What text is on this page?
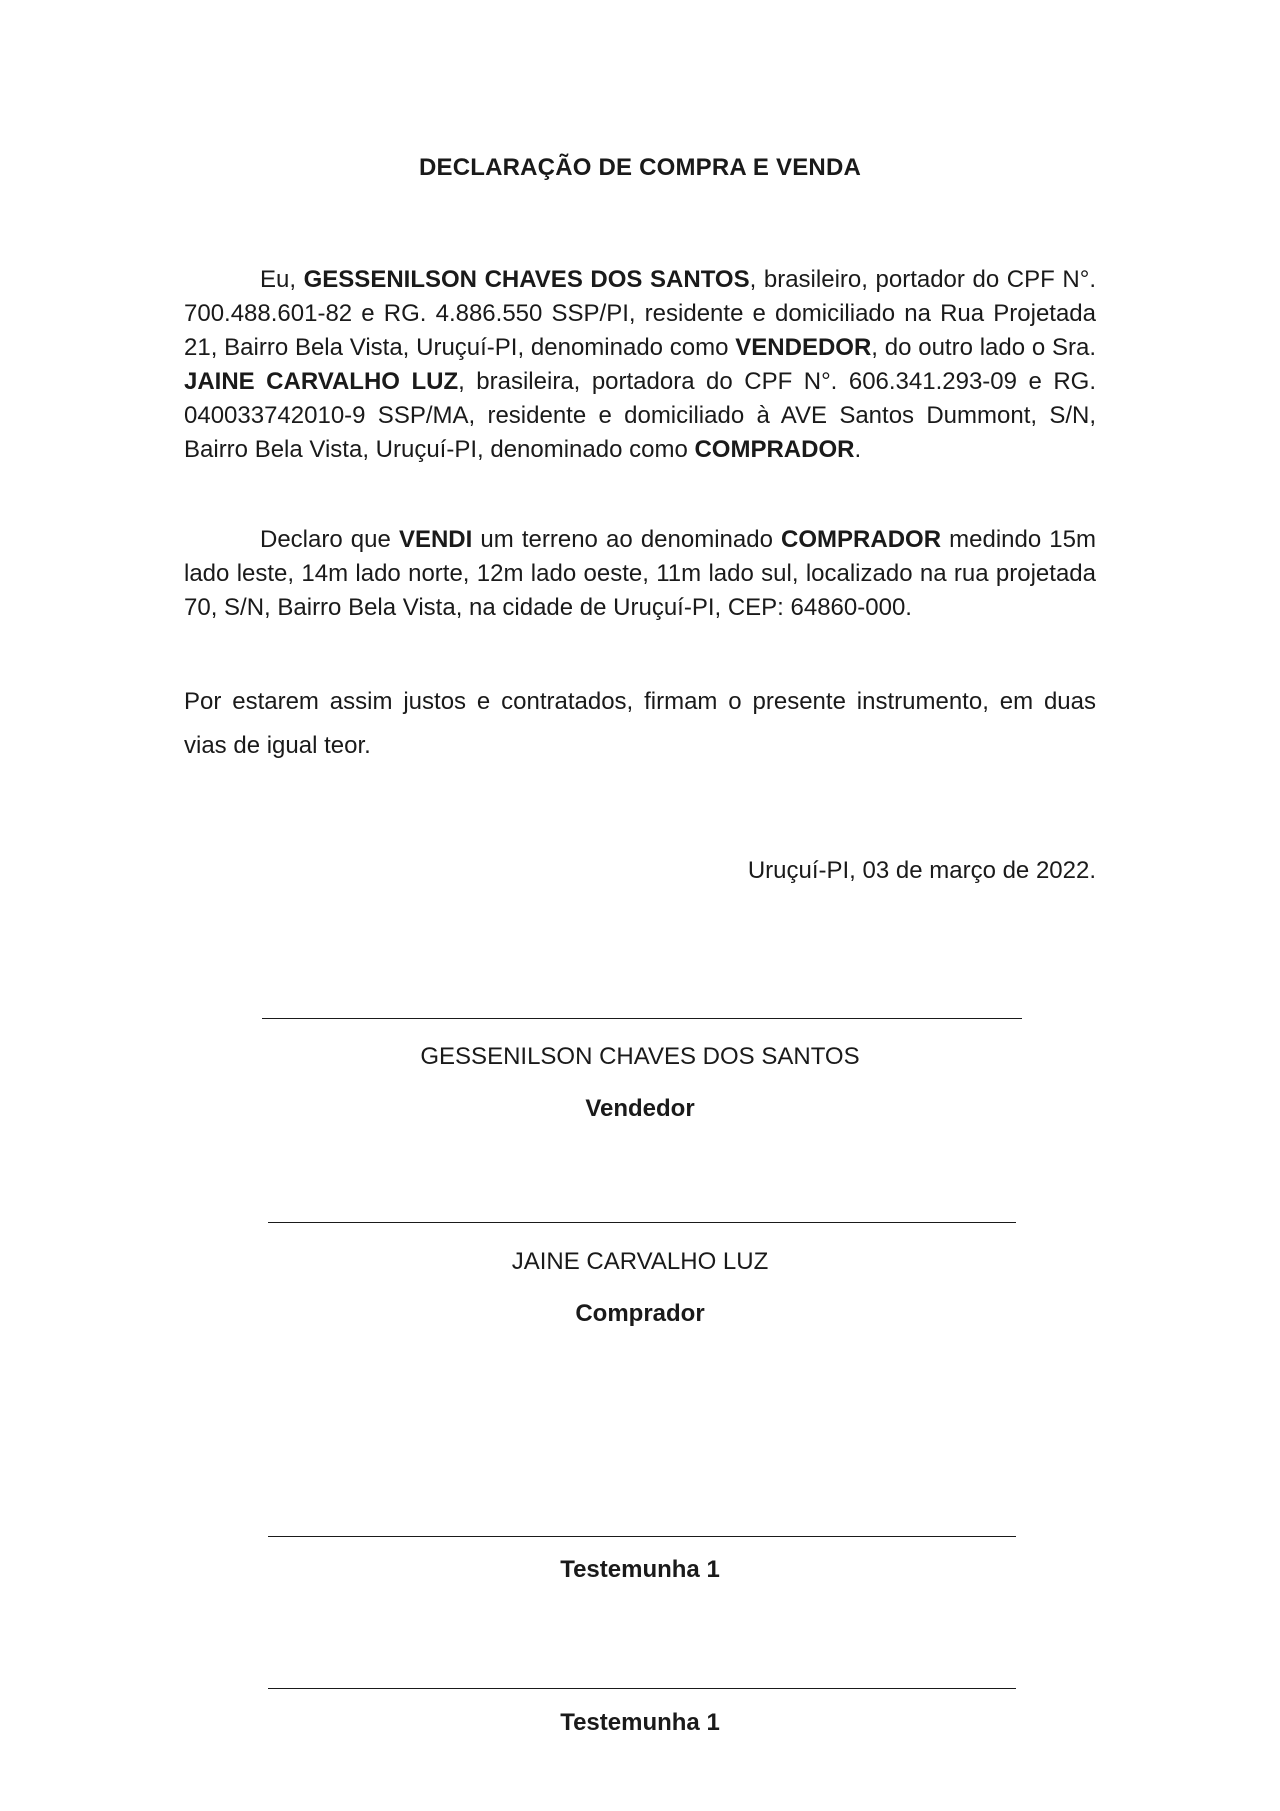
DECLARAÇÃO DE COMPRA E VENDA
Eu, GESSENILSON CHAVES DOS SANTOS, brasileiro, portador do CPF N°. 700.488.601-82 e RG. 4.886.550 SSP/PI, residente e domiciliado na Rua Projetada 21, Bairro Bela Vista, Uruçuí-PI, denominado como VENDEDOR, do outro lado o Sra. JAINE CARVALHO LUZ, brasileira, portadora do CPF N°. 606.341.293-09 e RG. 040033742010-9 SSP/MA, residente e domiciliado à AVE Santos Dummont, S/N, Bairro Bela Vista, Uruçuí-PI, denominado como COMPRADOR.
Declaro que VENDI um terreno ao denominado COMPRADOR medindo 15m lado leste, 14m lado norte, 12m lado oeste, 11m lado sul, localizado na rua projetada 70, S/N, Bairro Bela Vista, na cidade de Uruçuí-PI, CEP: 64860-000.
Por estarem assim justos e contratados, firmam o presente instrumento, em duas vias de igual teor.
Uruçuí-PI, 03 de março de 2022.
GESSENILSON CHAVES DOS SANTOS
Vendedor
JAINE CARVALHO LUZ
Comprador
Testemunha 1
Testemunha 1
